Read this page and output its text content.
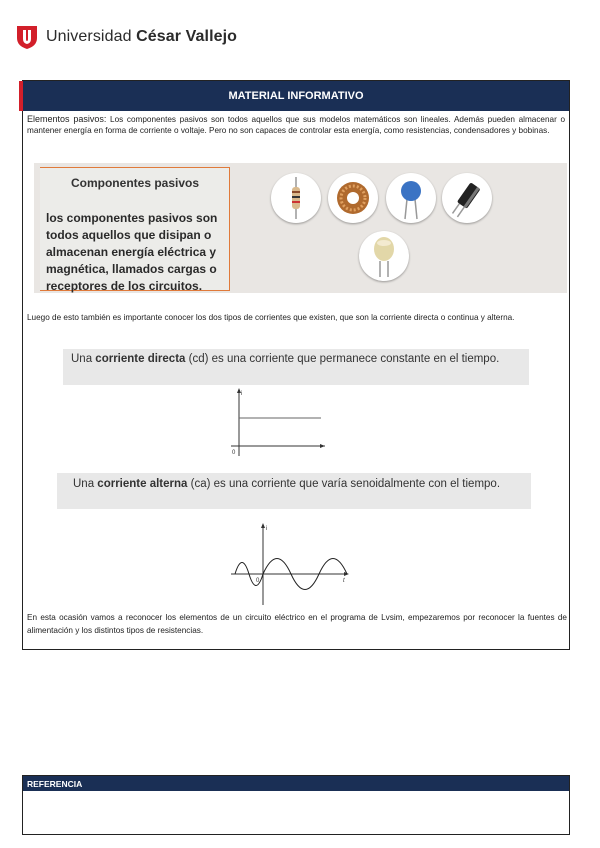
Universidad César Vallejo
MATERIAL INFORMATIVO
Elementos pasivos: Los componentes pasivos son todos aquellos que sus modelos matemáticos son lineales. Además pueden almacenar o mantener energía en forma de corriente o voltaje. Pero no son capaces de controlar esta energía, como resistencias, condensadores y bobinas.
Componentes pasivos
los componentes pasivos son
todos aquellos que disipan o
almacenan energía eléctrica y
magnética, llamados cargas o
receptores de los circuitos.
Luego de esto también es importante conocer los dos tipos de corrientes que existen, que son la corriente directa o continua y alterna.
Una corriente directa (cd) es una corriente que permanece constante en el tiempo.
i
0
Una corriente alterna (ca) es una corriente que varía senoidalmente con el tiempo.
i
0	t
En esta ocasión vamos a reconocer los elementos de un circuito eléctrico en el programa de Lvsim, empezaremos por reconocer la fuentes de alimentación y los distintos tipos de resistencias.
REFERENCIA
